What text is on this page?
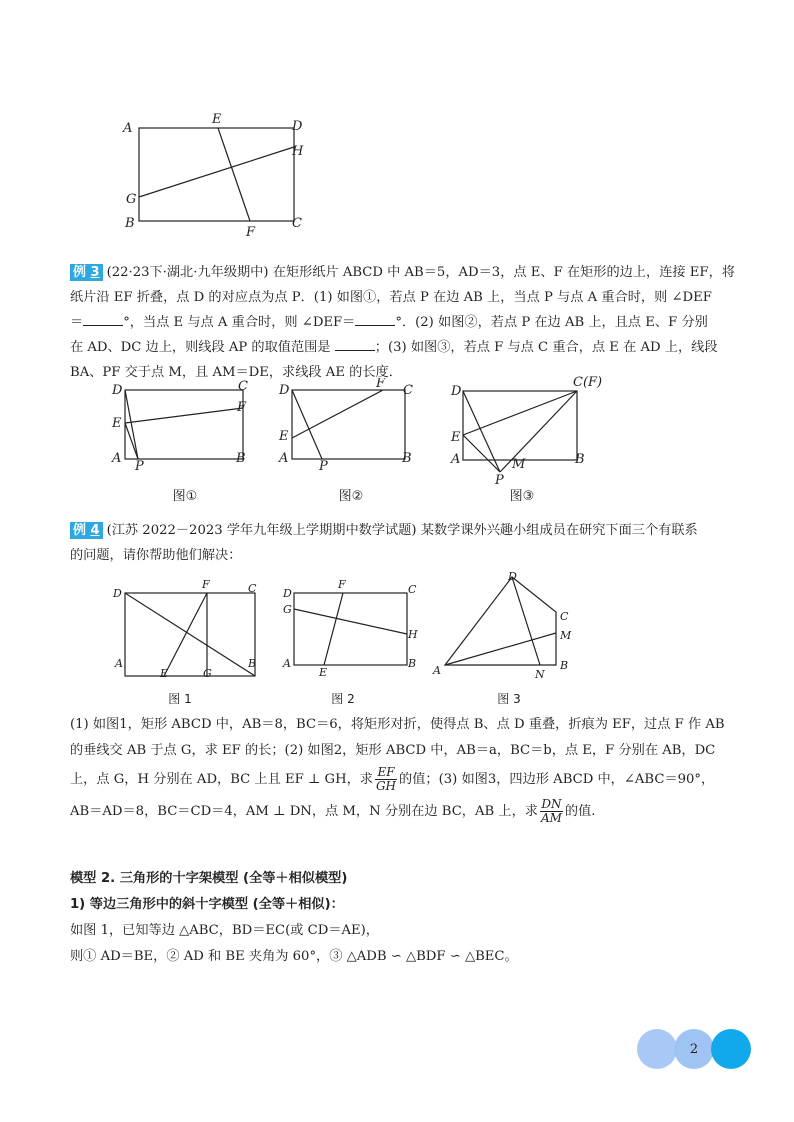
A
E	D
H
G
B
F
C
例 3 (22·23下·湖北·九年级期中) 在矩形纸片 ABCD 中 AB＝5，AD＝3，点 E、F 在矩形的边上，连接 EF，将
纸片沿 EF 折叠，点 D 的对应点为点 P．(1) 如图①，若点 P 在边 AB 上，当点 P 与点 A 重合时，则 ∠DEF
＝	°，当点 E 与点 A 重合时，则 ∠DEF＝	°．(2) 如图②，若点 P 在边 AB 上，且点 E、F 分别
在 AD、DC 边上，则线段 AP 的取值范围是	；(3) 如图③，若点 F 与点 C 重合，点 E 在 AD 上，线段
BA、PF 交于点 M，且 AM＝DE，求线段 AE 的长度．
D	C
E
F
A
P
B
D	F C
E
A
P
B
D
C(F)
E
A	M	B
P
图①	图②	图③
例 4 (江苏 2022－2023 学年九年级上学期期中数学试题) 某数学课外兴趣小组成员在研究下面三个有联系
的问题，请你帮助他们解决：
D
F	C
A
E	G
B
D
F	C
G
H
A
E
B
D
C
M
A	N
B
图 1	图 2	图 3
(1) 如图1，矩形 ABCD 中，AB＝8，BC＝6，将矩形对折，使得点 B、点 D 重叠，折痕为 EF，过点 F 作 AB
的垂线交 AB 于点 G，求 EF 的长；(2) 如图2，矩形 ABCD 中，AB＝a，BC＝b，点 E，F 分别在 AB，DC
上，点 G，H 分别在 AD，BC 上且 EF ⊥ GH，求 $\frac{EF}{GH}$ 的值；(3) 如图3，四边形 ABCD 中，∠ABC＝90°，
AB＝AD＝8，BC＝CD＝4，AM ⊥ DN，点 M，N 分别在边 BC，AB 上，求 $\frac{DN}{AM}$ 的值.
模型 2. 三角形的十字架模型 (全等＋相似模型)
1) 等边三角形中的斜十字模型 (全等＋相似)：
如图 1，已知等边 △ABC，BD＝EC(或 CD＝AE)，
则① AD＝BE，② AD 和 BE 夹角为 60°，③ △ADB ∽ △BDF ∽ △BEC。
2
